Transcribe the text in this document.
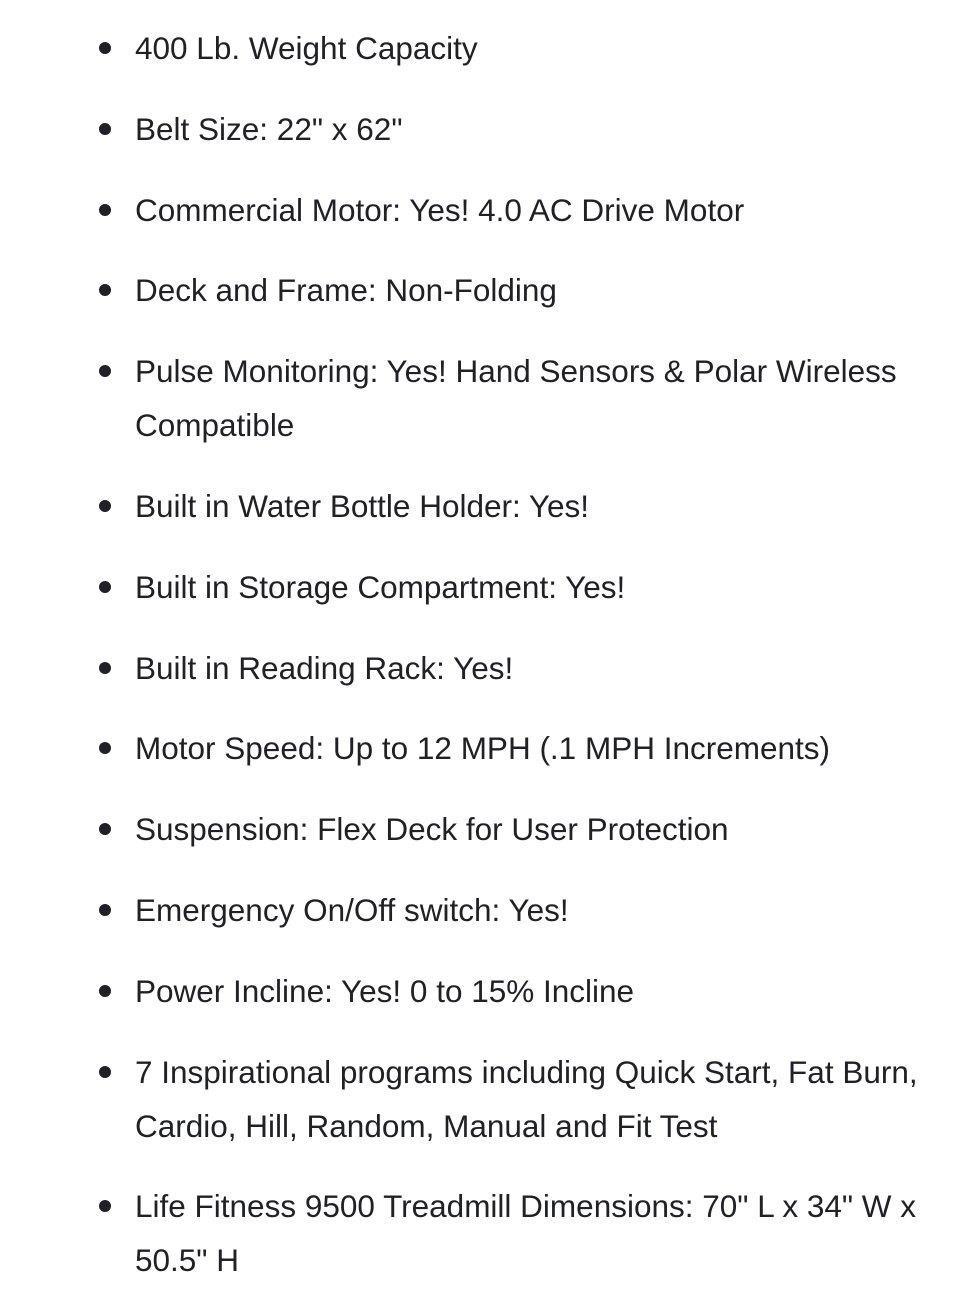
400 Lb. Weight Capacity
Belt Size: 22" x 62"
Commercial Motor: Yes! 4.0 AC Drive Motor
Deck and Frame: Non-Folding
Pulse Monitoring: Yes! Hand Sensors & Polar Wireless Compatible
Built in Water Bottle Holder: Yes!
Built in Storage Compartment: Yes!
Built in Reading Rack: Yes!
Motor Speed: Up to 12 MPH (.1 MPH Increments)
Suspension: Flex Deck for User Protection
Emergency On/Off switch: Yes!
Power Incline: Yes! 0 to 15% Incline
7 Inspirational programs including Quick Start, Fat Burn, Cardio, Hill, Random, Manual and Fit Test
Life Fitness 9500 Treadmill Dimensions: 70" L x 34" W x 50.5" H
